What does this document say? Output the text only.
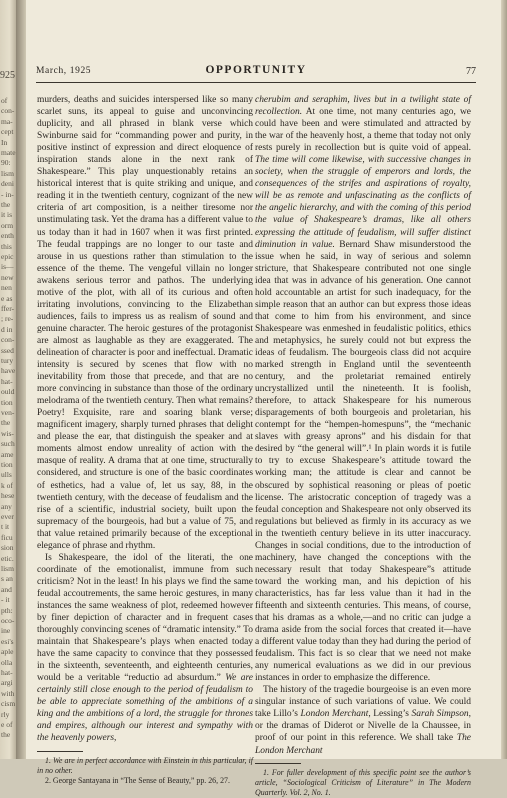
925
of
con-
ma-
cept
In
mate
90:
lism
deni
- in-
the
it is
orm
enth
this
epic
is—
new
nen
e as
ffer-
; re-
d in
con-
ssed
tury
have
hat-
ould
tion
ven-
the
wis-
such
ame
tion
ulls
k of
hese
any
ever
t it
ficu
sion
etic.
lism
s an
and
- it
pth:
oco-
ine
esi's
aple
olla
hat-
argi
with
cism
rly
e of
the
March, 1925	OPPORTUNITY	77

murders, deaths and suicides interspersed like so many scarlet suns, its appeal to guise and unconvincing duplicity, and all phrased in blank verse which Swinburne said for “commanding power and purity, in positive instinct of expression and direct eloquence of inspiration stands alone in the next rank of Shakespeare.” This play unquestionably retains an historical interest that is quite striking and unique, and reading it in the twentieth century, cognizant of the new criteria of art composition, is a neither tiresome nor unstimulating task. Yet the drama has a different value to us today than it had in 1607 when it was first printed. The feudal trappings are no longer to our taste and arouse in us questions rather than stimulation to the essence of the theme. The vengeful villain no longer awakens serious terror and pathos. The underlying motive of the plot, with all of its curious and often irritating involutions, convincing to the Elizabethan audiences, fails to impress us as realism of sound and genuine character. The heroic gestures of the protagonist are almost as laughable as they are exaggerated. The delineation of character is poor and ineffectual. Dramatic intensity is secured by scenes that flow with no inevitability from those that precede, and that are no more convincing in substance than those of the ordinary melodrama of the twentieth century. Then what remains? Poetry! Exquisite, rare and soaring blank verse; magnificent imagery, sharply turned phrases that delight and please the ear, that distinguish the speaker and at moments almost endow unreality of action with the masque of reality. A drama that at one time, structurally considered, and structure is one of the basic coordinates of esthetics, had a value of, let us say, 88, in the twentieth century, with the decease of feudalism and the rise of a scientific, industrial society, built upon the supremacy of the bourgeois, had but a value of 75, and that value retained primarily because of the exceptional elegance of phrase and rhythm.

Is Shakespeare, the idol of the literati, the one coordinate of the emotionalist, immune from such criticism? Not in the least! In his plays we find the same feudal accoutrements, the same heroic gestures, in many instances the same weakness of plot, redeemed however by finer depiction of character and in frequent cases thoroughly convincing scenes of “dramatic intensity.” To maintain that Shakespeare’s plays when enacted today have the same capacity to convince that they possessed in the sixteenth, seventeenth, and eighteenth centuries, would be a veritable “reductio ad absurdum.” We are certainly still close enough to the period of feudalism to be able to appreciate something of the ambitions of a king and the ambitions of a lord, the struggle for thrones and empires, although our interest and sympathy with the heavenly powers,

1. We are in perfect accordance with Einstein in this particular, if in no other.

2. George Santayana in “The Sense of Beauty,” pp. 26, 27.

cherubim and seraphim, lives but in a twilight state of recollection. At one time, not many centuries ago, we could have been and were stimulated and attracted by the war of the heavenly host, a theme that today not only rests purely in recollection but is quite void of appeal. The time will come likewise, with successive changes in society, when the struggle of emperors and lords, the consequences of the strifes and aspirations of royalty, will be as remote and unfascinating as the conflicts of the angelic hierarchy, and with the coming of this period the value of Shakespeare’s dramas, like all others expressing the attitude of feudalism, will suffer distinct diminution in value. Bernard Shaw misunderstood the issue when he said, in way of serious and solemn stricture, that Shakespeare contributed not one single idea that was in advance of his generation. One cannot hold accountable an artist for such inadequacy, for the simple reason that an author can but express those ideas that come to him from his environment, and since Shakespeare was enmeshed in feudalistic politics, ethics and metaphysics, he surely could not but express the ideas of feudalism. The bourgeois class did not acquire marked strength in England until the seventeenth century, and the proletariat remained entirely uncrystallized until the nineteenth. It is foolish, therefore, to attack Shakespeare for his numerous disparagements of both bourgeois and proletarian, his contempt for the “hempen-homespuns”, the “mechanic slaves with greasy aprons” and his disdain for that desired by “the general will”.¹ In plain words it is futile to try to excuse Shakespeare’s attitude toward the working man; the attitude is clear and cannot be obscured by sophistical reasoning or pleas of poetic license. The aristocratic conception of tragedy was a feudal conception and Shakespeare not only observed its regulations but believed as firmly in its accuracy as we in the twentieth century believe in its utter inaccuracy. Changes in social conditions, due to the introduction of machinery, have changed the conceptions with the necessary result that today Shakespeare”s attitude toward the working man, and his depiction of his characteristics, has far less value than it had in the fifteenth and sixteenth centuries. This means, of course, that his dramas as a whole,—and no critic can judge a drama aside from the social forces that created it—have a different value today than they had during the period of feudalism. This fact is so clear that we need not make any numerical evaluations as we did in our previous instances in order to emphasize the difference.

The history of the tragedie bourgeoise is an even more singular instance of such variations of value. We could take Lillo’s London Merchant, Lessing’s Sarah Simpson, or the dramas of Diderot or Nivelle de la Chaussee, in proof of our point in this reference. We shall take The London Merchant

1. For fuller development of this specific point see the author’s article, “Sociological Criticism of Literature” in The Modern Quarterly. Vol. 2, No. 1.
